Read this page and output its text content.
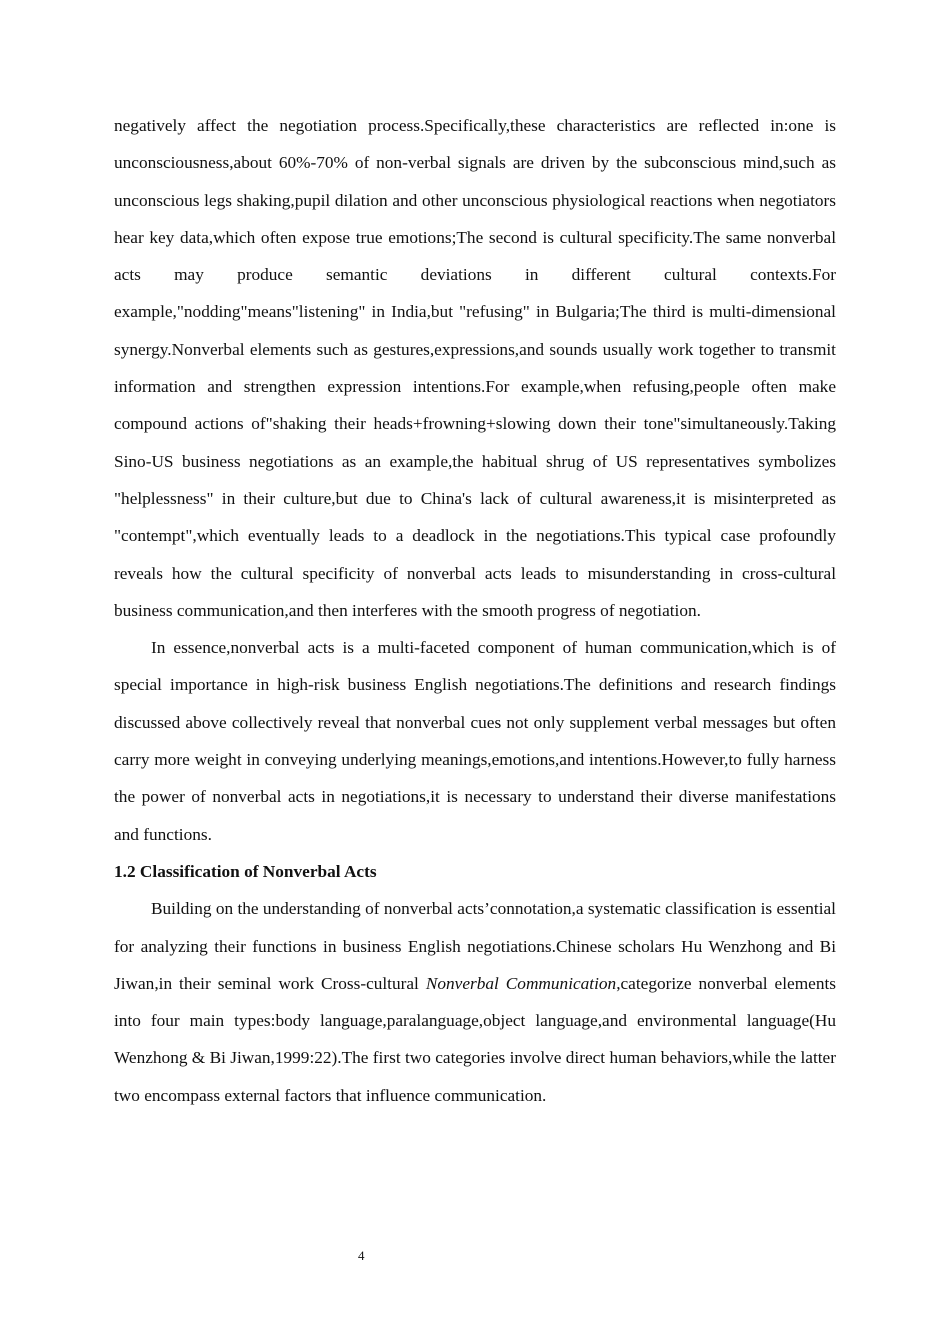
negatively affect the negotiation process.Specifically,these characteristics are reflected in:one is unconsciousness,about 60%-70% of non-verbal signals are driven by the subconscious mind,such as unconscious legs shaking,pupil dilation and other unconscious physiological reactions when negotiators hear key data,which often expose true emotions;The second is cultural specificity.The same nonverbal acts may produce semantic deviations in different cultural contexts.For example,"nodding"means"listening" in India,but "refusing" in Bulgaria;The third is multi-dimensional synergy.Nonverbal elements such as gestures,expressions,and sounds usually work together to transmit information and strengthen expression intentions.For example,when refusing,people often make compound actions of"shaking their heads+frowning+slowing down their tone"simultaneously.Taking Sino-US business negotiations as an example,the habitual shrug of US representatives symbolizes "helplessness" in their culture,but due to China's lack of cultural awareness,it is misinterpreted as "contempt",which eventually leads to a deadlock in the negotiations.This typical case profoundly reveals how the cultural specificity of nonverbal acts leads to misunderstanding in cross-cultural business communication,and then interferes with the smooth progress of negotiation.

In essence,nonverbal acts is a multi-faceted component of human communication,which is of special importance in high-risk business English negotiations.The definitions and research findings discussed above collectively reveal that nonverbal cues not only supplement verbal messages but often carry more weight in conveying underlying meanings,emotions,and intentions.However,to fully harness the power of nonverbal acts in negotiations,it is necessary to understand their diverse manifestations and functions.

1.2 Classification of Nonverbal Acts

Building on the understanding of nonverbal acts’connotation,a systematic classification is essential for analyzing their functions in business English negotiations.Chinese scholars Hu Wenzhong and Bi Jiwan,in their seminal work Cross-cultural Nonverbal Communication,categorize nonverbal elements into four main types:body language,paralanguage,object language,and environmental language(Hu Wenzhong & Bi Jiwan,1999:22).The first two categories involve direct human behaviors,while the latter two encompass external factors that influence communication.

4
